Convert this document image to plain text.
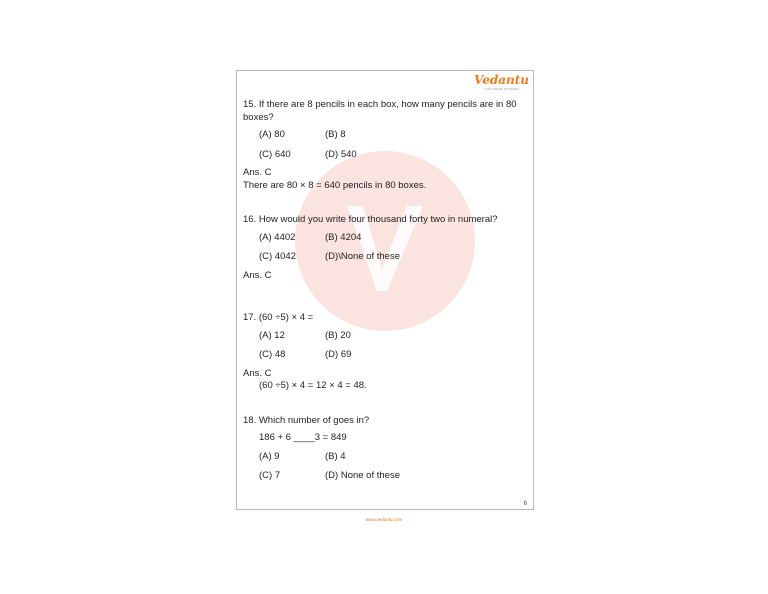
Vedantu
LIVE ONLINE TUTORING

15. If there are 8 pencils in each box, how many pencils are in 80 boxes?

(A) 80	(B) 8
(C) 640	(D) 540

Ans. C

There are 80 × 8 = 640 pencils in 80 boxes.

16. How would you write four thousand forty two in numeral?

(A) 4402	(B) 4204
(C) 4042	(D)\None of these

Ans. C

17. (60 ÷5) × 4 =

(A) 12	(B) 20
(C) 48	(D) 69

Ans. C

(60 ÷5) × 4 = 12 × 4 = 48.

18. Which number of goes in?

186 + 6 ____3 = 849

(A) 9	(B) 4
(C) 7	(D) None of these
6
www.vedantu.com
